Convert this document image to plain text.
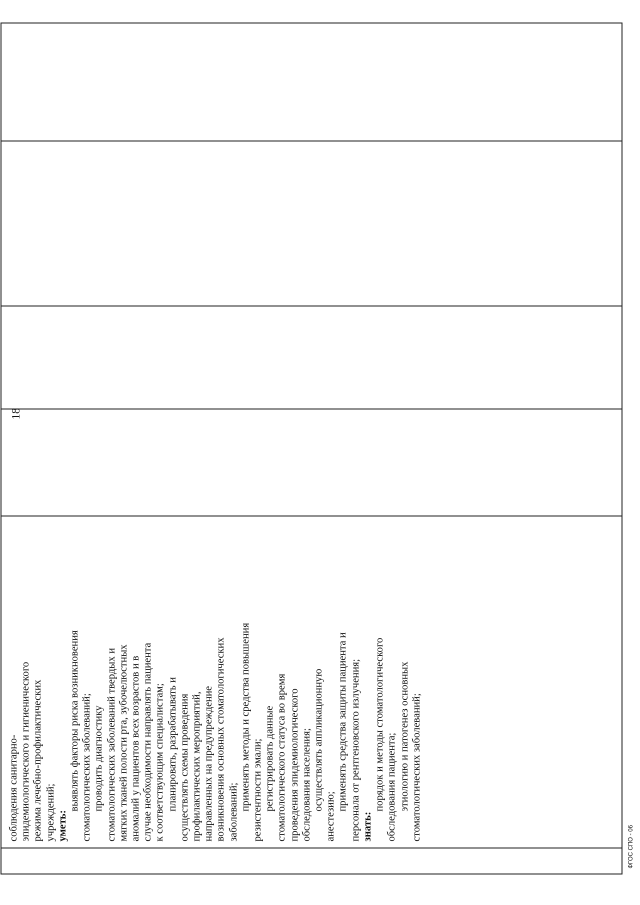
соблюдения санитарно- эпидемиологического и гигиенического режима лечебно-профилактических учреждений; уметь:

выявлять факторы риска возникновения стоматологических заболеваний; проводить диагностику стоматологических заболеваний твердых и мягких тканей полости рта, зубочелюстных аномалий у пациентов всех возрастов и в случае необходимости направлять пациента к соответствующим специалистам; планировать, разрабатывать и осуществлять схемы проведения профилактических мероприятий, направленных на предупреждение возникновения основных стоматологических заболеваний;

применять методы и средства повышения резистентности эмали; регистрировать данные стоматологического статуса во время проведения эпидемиологического обследования населения; осуществлять аппликационную

анестезию;

применять средства защиты пациента и персонала от рентгеновского излучения; знать:

порядок и методы стоматологического обследования пациента; этиологию и патогенез основных стоматологических заболеваний;

18
ФГОС СПО - 06
